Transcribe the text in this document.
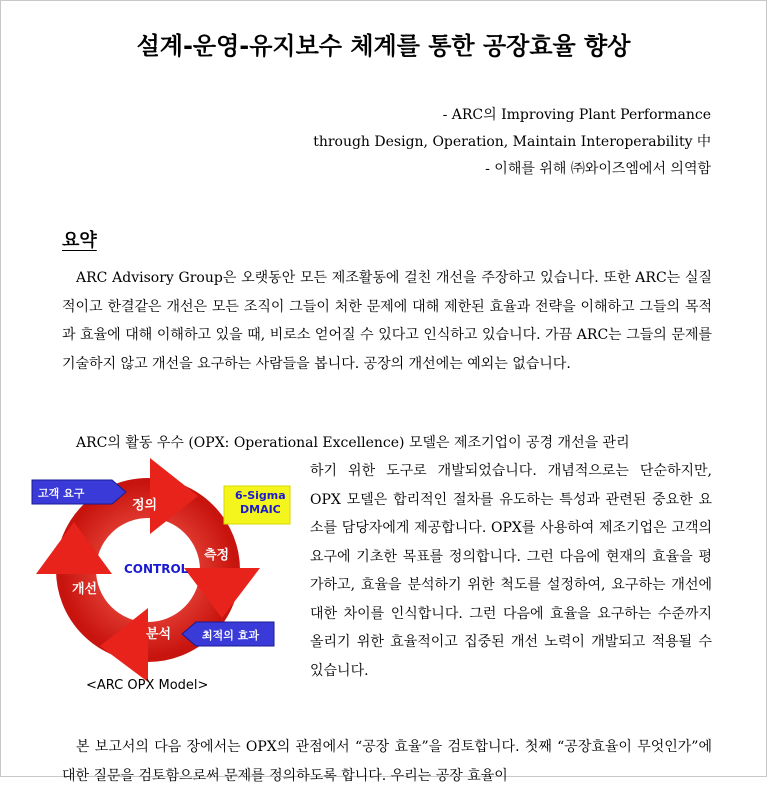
설계-운영-유지보수 체계를 통한 공장효율 향상
- ARC의 Improving Plant Performance
through Design, Operation, Maintain Interoperability 中
- 이해를 위해 ㈜와이즈엠에서 의역함
요약
ARC Advisory Group은 오랫동안 모든 제조활동에 걸친 개선을 주장하고 있습니다. 또한 ARC는 실질적이고 한결같은 개선은 모든 조직이 그들이 처한 문제에 대해 제한된 효율과 전략을 이해하고 그들의 목적과 효율에 대해 이해하고 있을 때, 비로소 얻어질 수 있다고 인식하고 있습니다. 가끔 ARC는 그들의 문제를 기술하지 않고 개선을 요구하는 사람들을 봅니다. 공장의 개선에는 예외는 없습니다.
ARC의 활동 우수 (OPX: Operational Excellence) 모델은 제조기업이 공경 개선을 관리
고객 요구	6-Sigma
DMAIC
정의
측정
분석
개선
CONTROL
최적의 효과
<ARC OPX Model>
하기 위한 도구로 개발되었습니다. 개념적으로는 단순하지만, OPX 모델은 합리적인 절차를 유도하는 특성과 관련된 중요한 요소를 담당자에게 제공합니다. OPX를 사용하여 제조기업은 고객의 요구에 기초한 목표를 정의합니다. 그런 다음에 현재의 효율을 평가하고, 효율을 분석하기 위한 척도를 설정하여, 요구하는 개선에 대한 차이를 인식합니다. 그런 다음에 효율을 요구하는 수준까지 올리기 위한 효율적이고 집중된 개선 노력이 개발되고 적용될 수 있습니다.
본 보고서의 다음 장에서는 OPX의 관점에서 “공장 효율”을 검토합니다. 첫째 “공장효율이 무엇인가”에 대한 질문을 검토함으로써 문제를 정의하도록 합니다. 우리는 공장 효율이
